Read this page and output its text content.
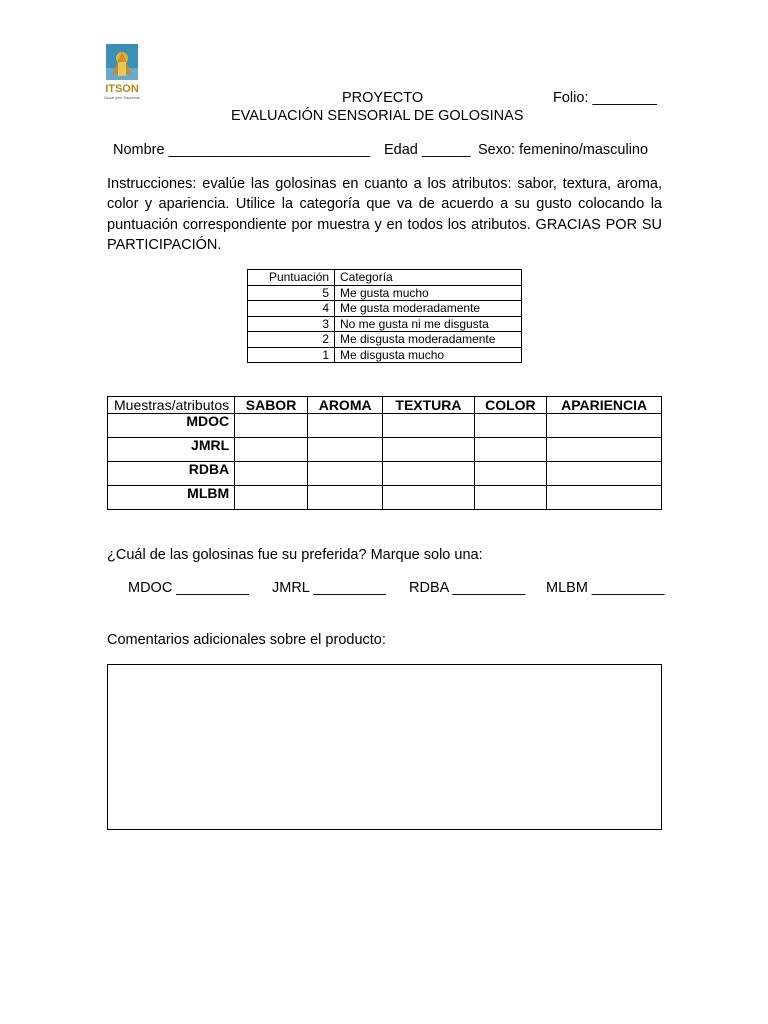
ITSON
Educar para Trascender	PROYECTO	Folio: ________
EVALUACIÓN SENSORIAL DE GOLOSINAS
Nombre _________________________ Edad ______ Sexo: femenino/masculino
Instrucciones: evalúe las golosinas en cuanto a los atributos: sabor, textura, aroma, color y apariencia. Utilice la categoría que va de acuerdo a su gusto colocando la puntuación correspondiente por muestra y en todos los atributos. GRACIAS POR SU PARTICIPACIÓN.
Puntuación	Categoría
5	Me gusta mucho
4	Me gusta moderadamente
3	No me gusta ni me disgusta
2	Me disgusta moderadamente
1	Me disgusta mucho
Muestras/atributos	SABOR	AROMA	TEXTURA	COLOR	APARIENCIA
MDOC					
JMRL					
RDBA					
MLBM					
¿Cuál de las golosinas fue su preferida? Marque solo una:
MDOC _________ JMRL _________ RDBA _________ MLBM _________
Comentarios adicionales sobre el producto:
